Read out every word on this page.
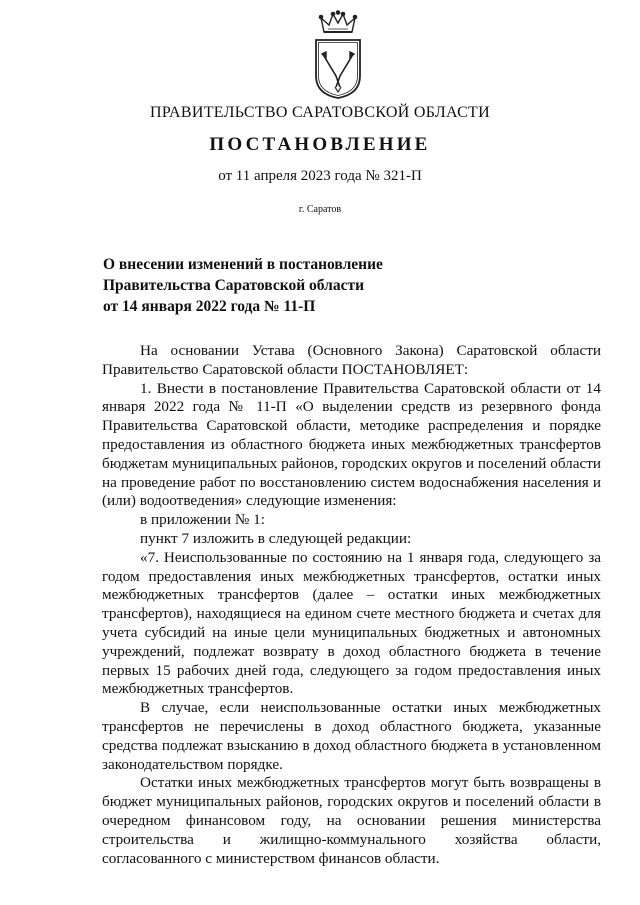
ПРАВИТЕЛЬСТВО САРАТОВСКОЙ ОБЛАСТИ
ПОСТАНОВЛЕНИЕ
от 11 апреля 2023 года № 321-П
г. Саратов
О внесении изменений в постановление
Правительства Саратовской области
от 14 января 2022 года № 11-П

На основании Устава (Основного Закона) Саратовской области Правительство Саратовской области ПОСТАНОВЛЯЕТ:

1. Внести в постановление Правительства Саратовской области от 14 января 2022 года № 11-П «О выделении средств из резервного фонда Правительства Саратовской области, методике распределения и порядке предоставления из областного бюджета иных межбюджетных трансфертов бюджетам муниципальных районов, городских округов и поселений области на проведение работ по восстановлению систем водоснабжения населения и (или) водоотведения» следующие изменения:

в приложении № 1:

пункт 7 изложить в следующей редакции:

«7. Неиспользованные по состоянию на 1 января года, следующего за годом предоставления иных межбюджетных трансфертов, остатки иных межбюджетных трансфертов (далее – остатки иных межбюджетных трансфертов), находящиеся на едином счете местного бюджета и счетах для учета субсидий на иные цели муниципальных бюджетных и автономных учреждений, подлежат возврату в доход областного бюджета в течение первых 15 рабочих дней года, следующего за годом предоставления иных межбюджетных трансфертов.

В случае, если неиспользованные остатки иных межбюджетных трансфертов не перечислены в доход областного бюджета, указанные средства подлежат взысканию в доход областного бюджета в установленном законодательством порядке.

Остатки иных межбюджетных трансфертов могут быть возвращены в бюджет муниципальных районов, городских округов и поселений области в очередном финансовом году, на основании решения министерства строительства и жилищно-коммунального хозяйства области, согласованного с министерством финансов области.
